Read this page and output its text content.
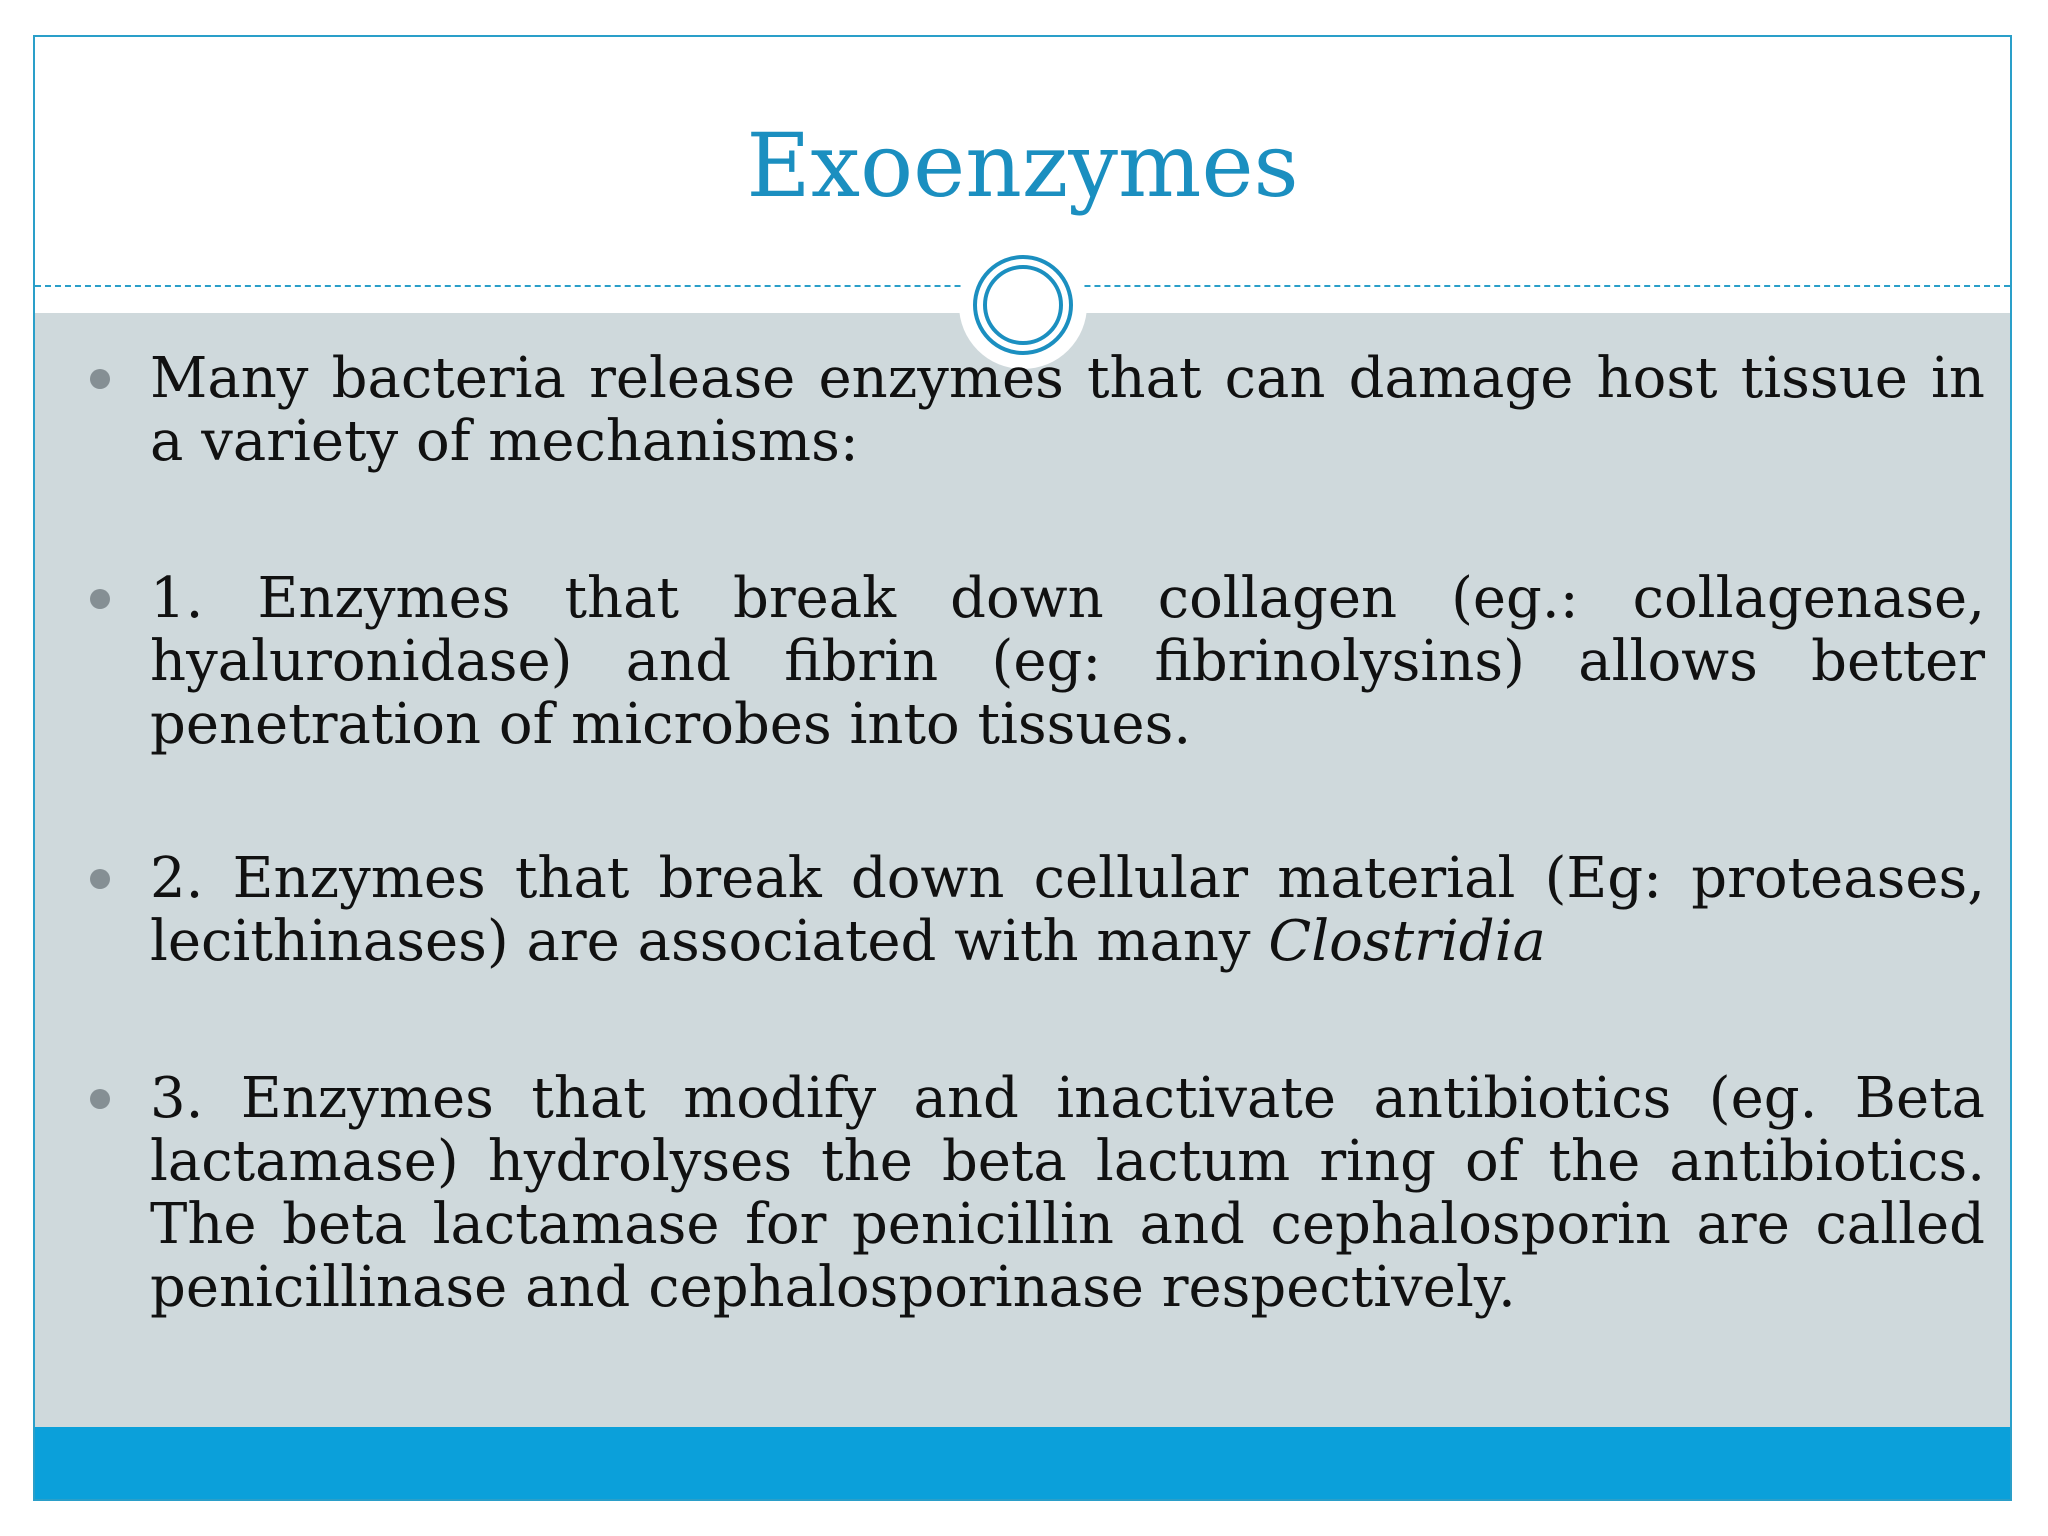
Exoenzymes
Many bacteria release enzymes that can damage host tissue in a variety of mechanisms:
1. Enzymes that break down collagen (eg.: collagenase, hyaluronidase) and fibrin (eg: fibrinolysins) allows better penetration of microbes into tissues.
2. Enzymes that break down cellular material (Eg: proteases, lecithinases) are associated with many Clostridia
3. Enzymes that modify and inactivate antibiotics (eg. Beta lactamase) hydrolyses the beta lactum ring of the antibiotics. The beta lactamase for penicillin and cephalosporin are called penicillinase and cephalosporinase respectively.
